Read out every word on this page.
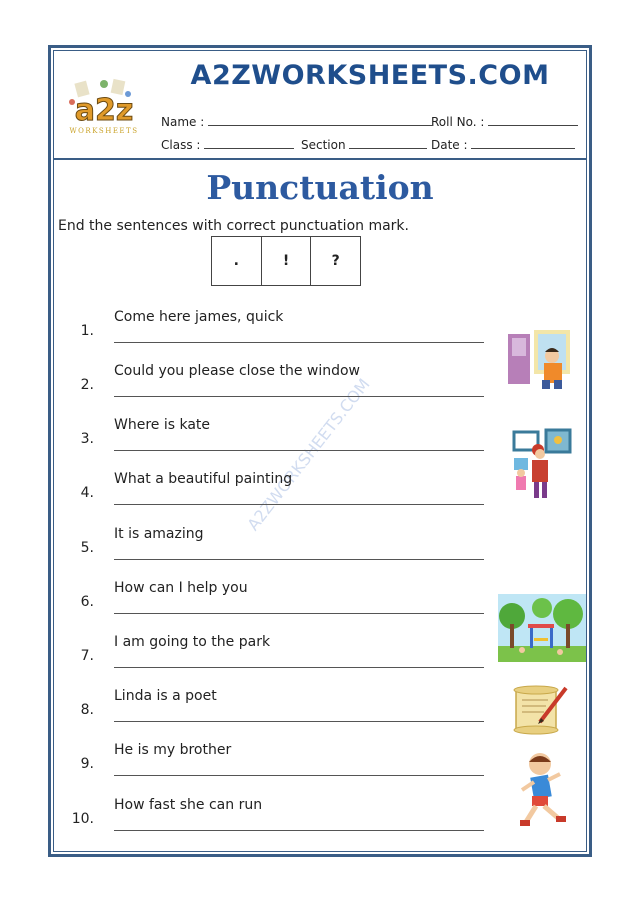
a2z
WORKSHEETS
A2ZWORKSHEETS.COM
Name :	Roll No. :
Class :	Section	Date :
Punctuation
End the sentences with correct punctuation mark.
.	!	?
A2ZWORKSHEETS.COM
1.
Come here james, quick
2.
Could you please close the window
3.
Where is kate
4.
What a beautiful painting
5.
It is amazing
6.
How can I help you
7.
I am going to the park
8.
Linda is a poet
9.
He is my brother
10.
How fast she can run
